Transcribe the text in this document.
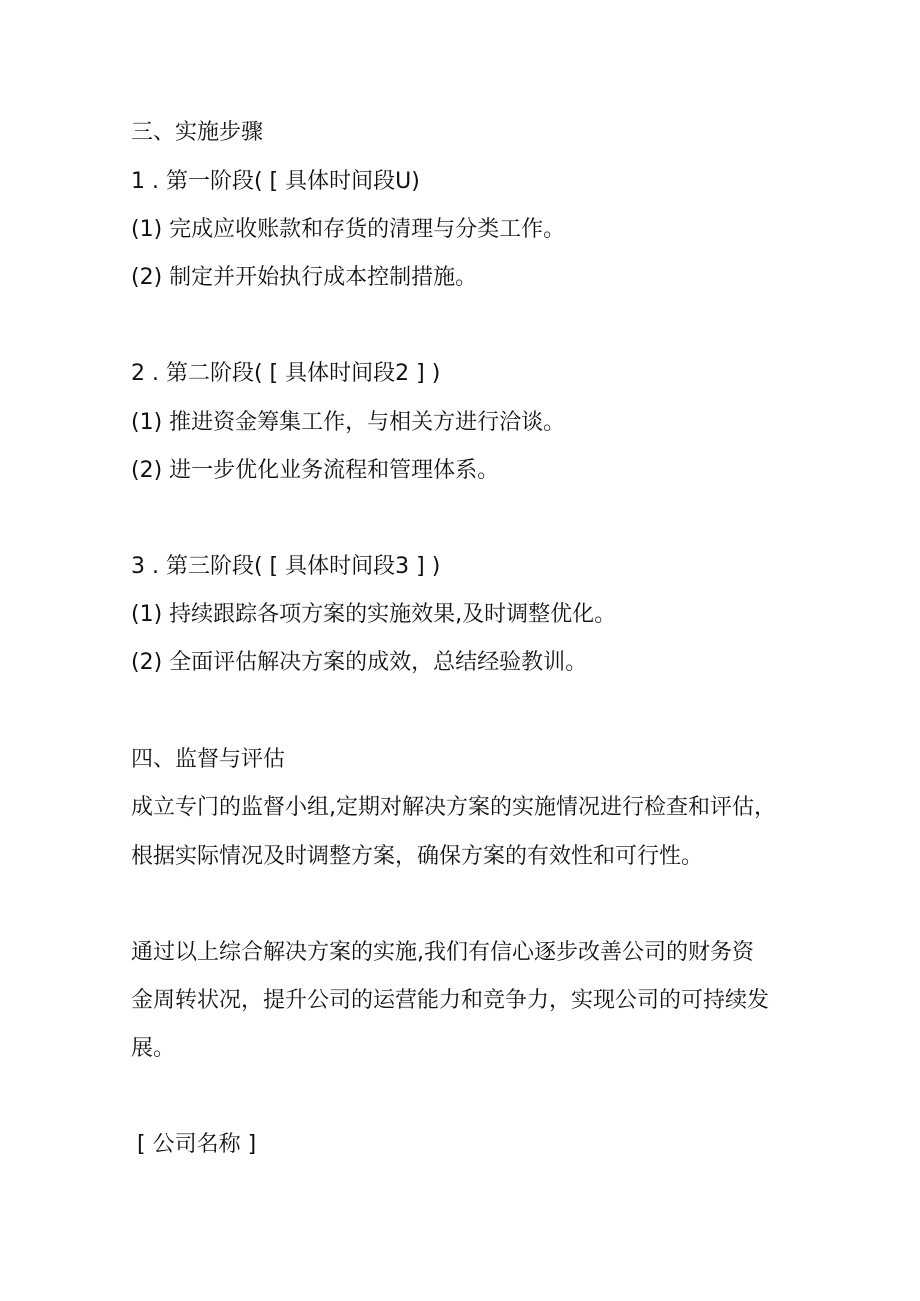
三、实施步骤

1 . 第一阶段( [ 具体时间段U)

(1) 完成应收账款和存货的清理与分类工作。

(2) 制定并开始执行成本控制措施。

2 . 第二阶段( [ 具体时间段2 ] )

(1) 推进资金筹集工作，与相关方进行洽谈。

(2) 进一步优化业务流程和管理体系。

3 . 第三阶段( [ 具体时间段3 ] )

(1) 持续跟踪各项方案的实施效果,及时调整优化。

(2) 全面评估解决方案的成效，总结经验教训。

四、监督与评估

成立专门的监督小组,定期对解决方案的实施情况进行检查和评估，

根据实际情况及时调整方案，确保方案的有效性和可行性。

通过以上综合解决方案的实施,我们有信心逐步改善公司的财务资

金周转状况，提升公司的运营能力和竞争力，实现公司的可持续发

展。

[ 公司名称 ]
